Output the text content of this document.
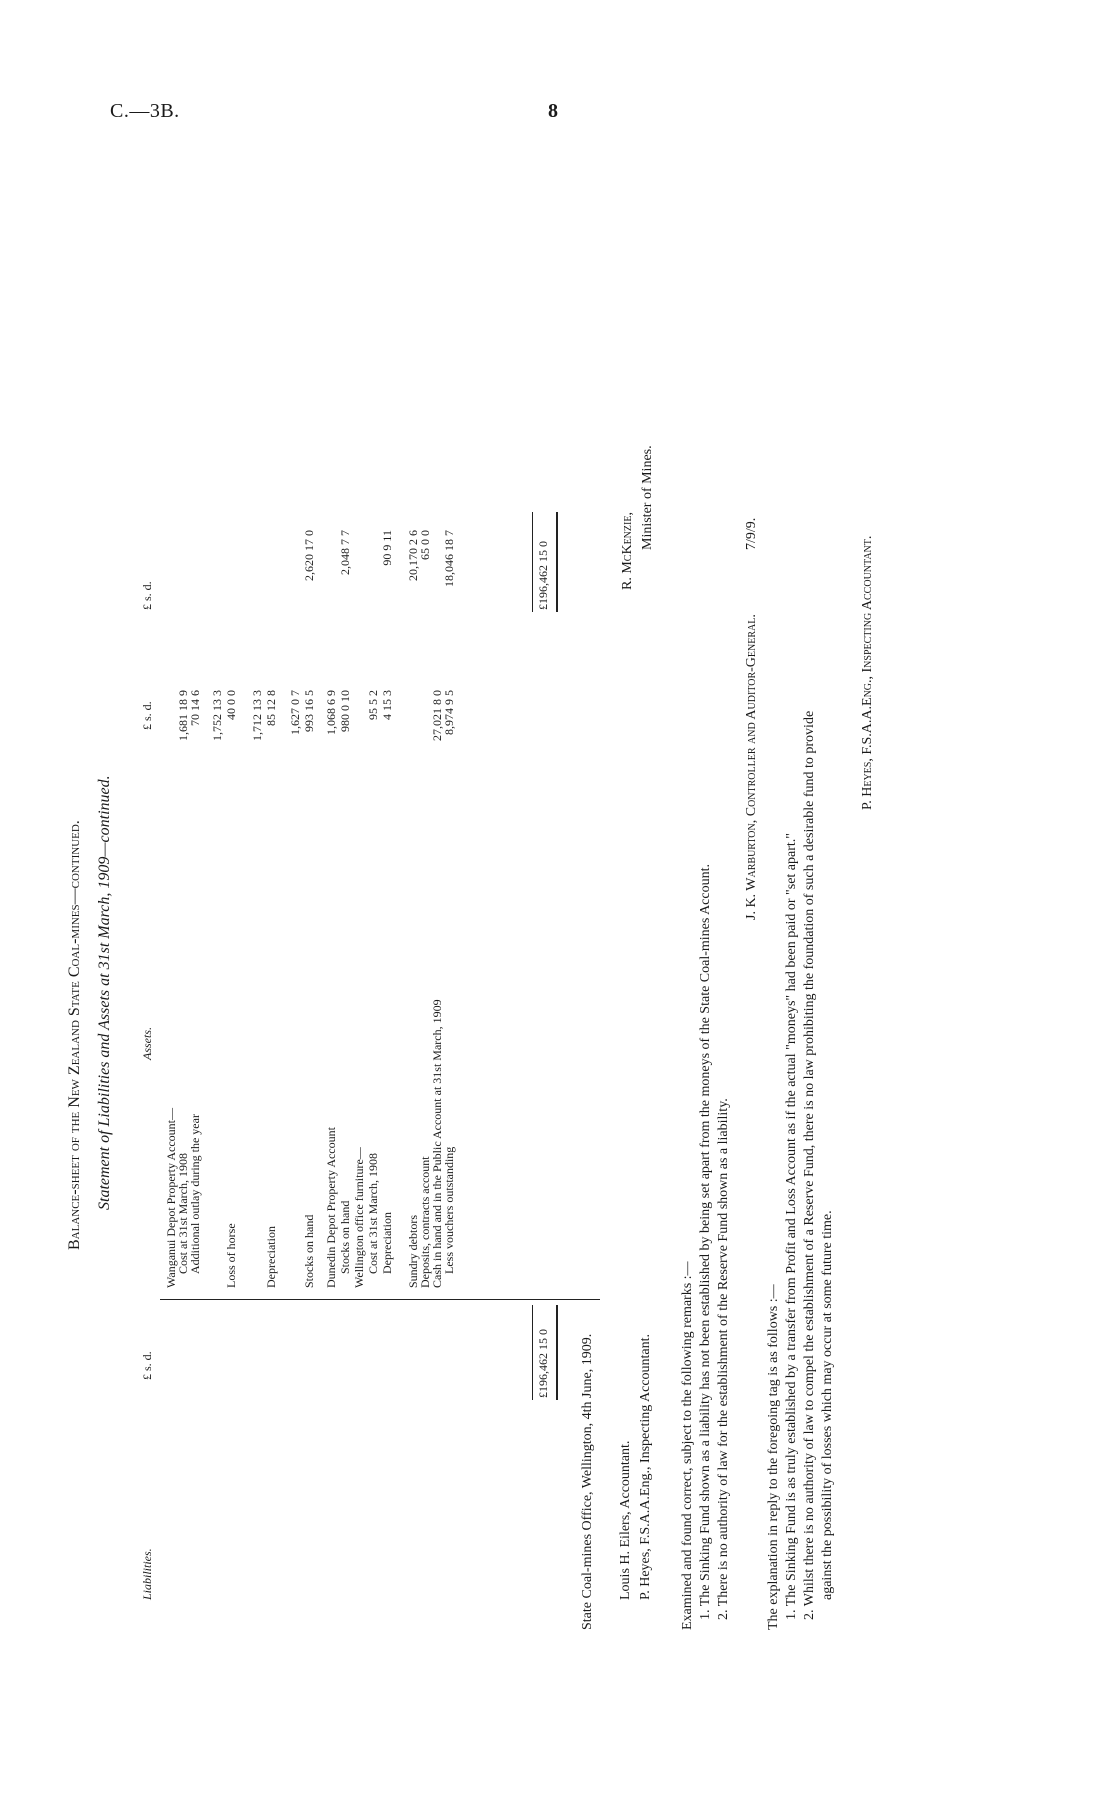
C.—3B.	8
Balance-sheet of the New Zealand State Coal-mines—continued. Statement of Liabilities and Assets at 31st March, 1909—continued.
Liabilities.
£ s. d.
Assets.
£ s. d.
£ s. d.
Wanganui Depot Property Account—
Cost at 31st March, 1908
1,681 18 9
Additional outlay during the year
70 14 6 1,752 13 3
Loss of horse
40 0 0 1,712 13 3
Depreciation
85 12 8 1,627 0 7
Stocks on hand
993 16 5
2,620 17 0
Dunedin Depot Property Account
1,068 6 9
Stocks on hand
980 0 10
2,048 7 7
Wellington office furniture— Cost at 31st March, 1908
95 5 2
Depreciation
4 15 3
90 9 11
Sundry debtors
20,170 2 6
Deposits, contracts account
65 0 0
Cash in hand and in the Public Account at 31st March, 1909
27,021 8 0
Less vouchers outstanding
8,974 9 5
18,046 18 7
£196,462 15 0
£196,462 15 0
State Coal-mines Office, Wellington, 4th June, 1909. Louis H. Eilers, Accountant. P. Heyes, F.S.A.A.Eng., Inspecting Accountant.
R. McKenzie,
Minister of Mines.
Examined and found correct, subject to the following remarks :— 1. The Sinking Fund shown as a liability has not been established by being set apart from the moneys of the State Coal-mines Account. 2. There is no authority of law for the establishment of the Reserve Fund shown as a liability.
J. K. Warburton, Controller and Auditor-General.
7/9/9.
The explanation in reply to the foregoing tag is as follows :— 1. The Sinking Fund is as truly established by a transfer from Profit and Loss Account as if the actual "moneys" had been paid or "set apart." 2. Whilst there is no authority of law to compel the establishment of a Reserve Fund, there is no law prohibiting the foundation of such a desirable fund to provide against the possibility of losses which may occur at some future time.
P. Heyes, F.S.A.A.Eng., Inspecting Accountant.
